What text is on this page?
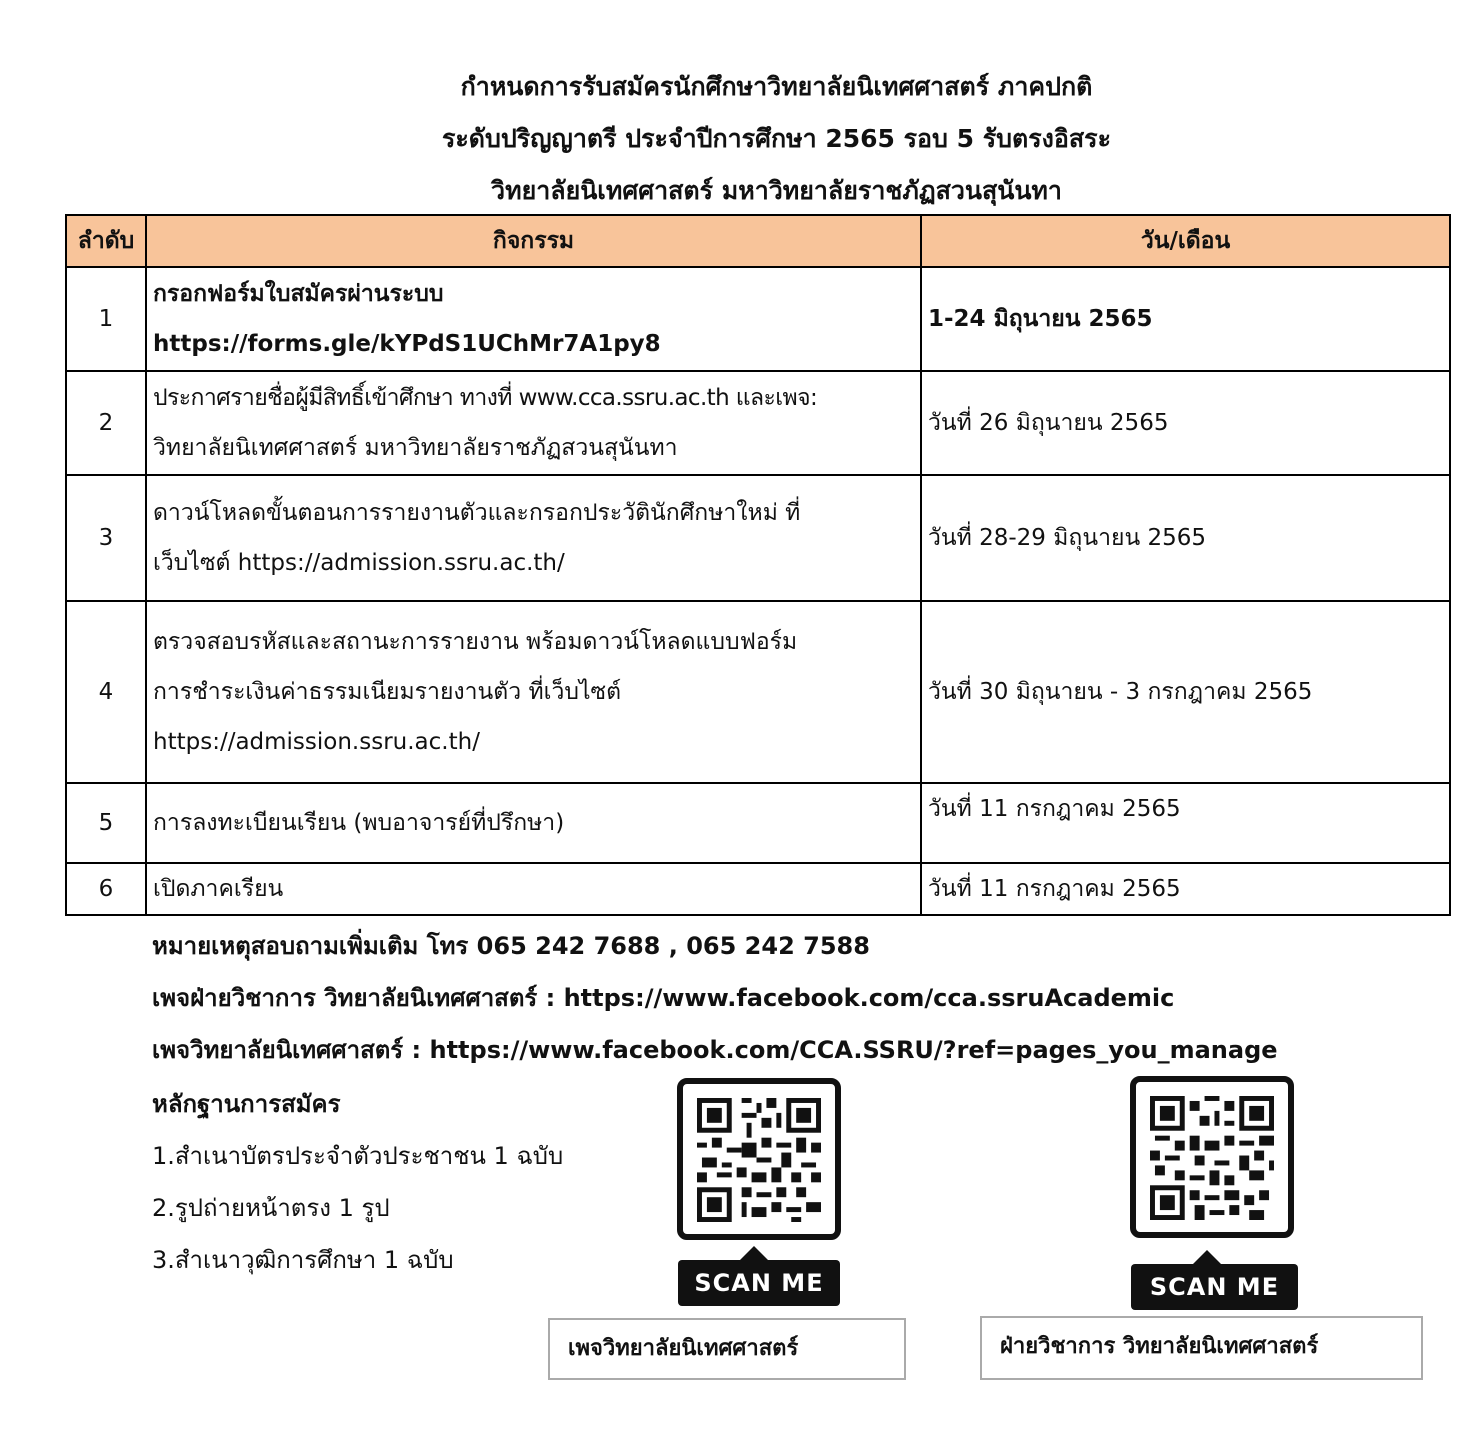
กำหนดการรับสมัครนักศึกษาวิทยาลัยนิเทศศาสตร์ ภาคปกติ
ระดับปริญญาตรี ประจำปีการศึกษา 2565 รอบ 5 รับตรงอิสระ
วิทยาลัยนิเทศศาสตร์ มหาวิทยาลัยราชภัฏสวนสุนันทา
ลำดับ	กิจกรรม	วัน/เดือน
1	กรอกฟอร์มใบสมัครผ่านระบบ
https://forms.gle/kYPdS1UChMr7A1py8	1-24 มิถุนายน 2565
2	ประกาศรายชื่อผู้มีสิทธิ์เข้าศึกษา ทางที่ www.cca.ssru.ac.th และเพจ:
วิทยาลัยนิเทศศาสตร์ มหาวิทยาลัยราชภัฏสวนสุนันทา	วันที่ 26 มิถุนายน 2565
3	ดาวน์โหลดขั้นตอนการรายงานตัวและกรอกประวัตินักศึกษาใหม่ ที่
เว็บไซต์ https://admission.ssru.ac.th/	วันที่ 28-29 มิถุนายน 2565
4	ตรวจสอบรหัสและสถานะการรายงาน พร้อมดาวน์โหลดแบบฟอร์ม
การชำระเงินค่าธรรมเนียมรายงานตัว ที่เว็บไซต์
https://admission.ssru.ac.th/	วันที่ 30 มิถุนายน - 3 กรกฎาคม 2565
5	การลงทะเบียนเรียน (พบอาจารย์ที่ปรึกษา)	วันที่ 11 กรกฎาคม 2565
6	เปิดภาคเรียน	วันที่ 11 กรกฎาคม 2565
หมายเหตุสอบถามเพิ่มเติม โทร 065 242 7688 , 065 242 7588
เพจฝ่ายวิชาการ วิทยาลัยนิเทศศาสตร์ : https://www.facebook.com/cca.ssruAcademic
เพจวิทยาลัยนิเทศศาสตร์ : https://www.facebook.com/CCA.SSRU/?ref=pages_you_manage
หลักฐานการสมัคร
1.สำเนาบัตรประจำตัวประชาชน 1 ฉบับ
2.รูปถ่ายหน้าตรง 1 รูป
3.สำเนาวุฒิการศึกษา 1 ฉบับ
SCAN ME
เพจวิทยาลัยนิเทศศาสตร์
SCAN ME
ฝ่ายวิชาการ วิทยาลัยนิเทศศาสตร์
